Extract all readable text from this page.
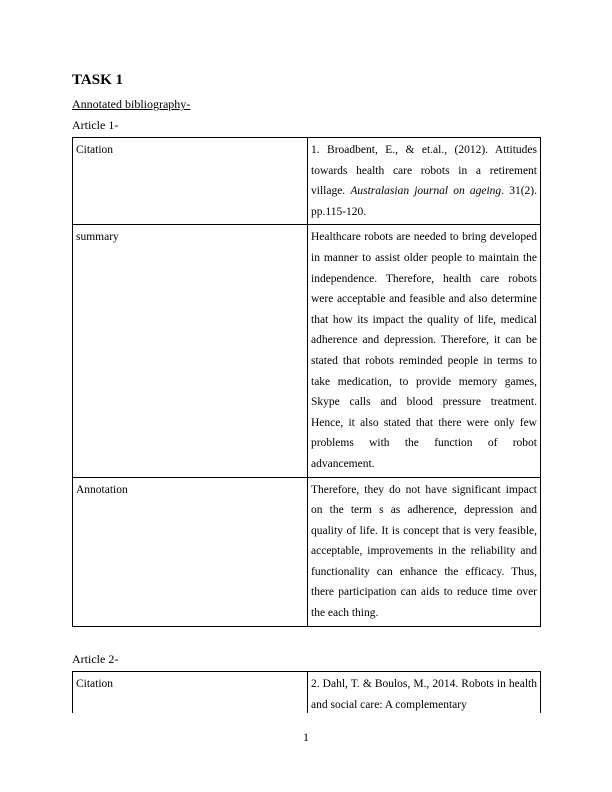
TASK 1
Annotated bibliography-
Article 1-
Citation	1. Broadbent, E., & et.al., (2012). Attitudes towards health care robots in a retirement village. Australasian journal on ageing. 31(2). pp.115-120.
summary	Healthcare robots are needed to bring developed in manner to assist older people to maintain the independence. Therefore, health care robots were acceptable and feasible and also determine that how its impact the quality of life, medical adherence and depression. Therefore, it can be stated that robots reminded people in terms to take medication, to provide memory games, Skype calls and blood pressure treatment. Hence, it also stated that there were only few problems with the function of robot advancement.
Annotation	Therefore, they do not have significant impact on the term s as adherence, depression and quality of life. It is concept that is very feasible, acceptable, improvements in the reliability and functionality can enhance the efficacy. Thus, there participation can aids to reduce time over the each thing.
Article 2-
Citation	2. Dahl, T. & Boulos, M., 2014. Robots in health and social care: A complementary
1
